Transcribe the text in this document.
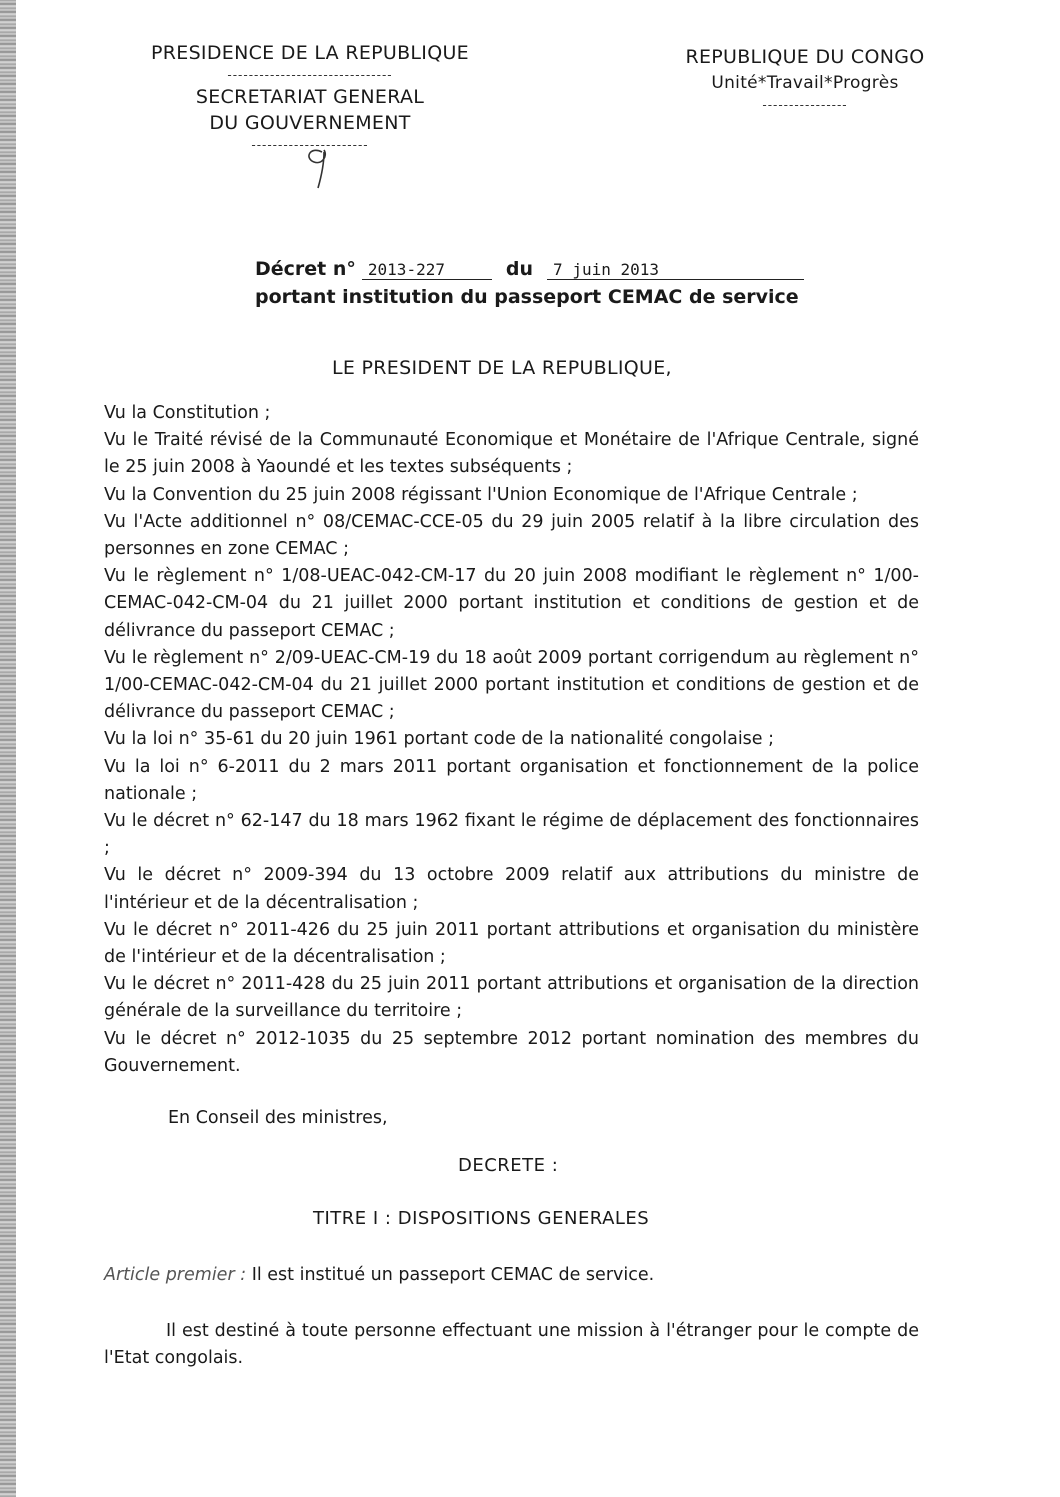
PRESIDENCE DE LA REPUBLIQUE
-------------------------------
SECRETARIAT GENERAL
DU GOUVERNEMENT
----------------------
REPUBLIQUE DU CONGO
Unité*Travail*Progrès
----------------
Décret n° 2013-227	du	7 juin 2013
portant institution du passeport CEMAC de service
LE PRESIDENT DE LA REPUBLIQUE,

Vu la Constitution ;

Vu le Traité révisé de la Communauté Economique et Monétaire de l'Afrique Centrale, signé le 25 juin 2008 à Yaoundé et les textes subséquents ;

Vu la Convention du 25 juin 2008 régissant l'Union Economique de l'Afrique Centrale ;

Vu l'Acte additionnel n° 08/CEMAC-CCE-05 du 29 juin 2005 relatif à la libre circulation des personnes en zone CEMAC ;

Vu le règlement n° 1/08-UEAC-042-CM-17 du 20 juin 2008 modifiant le règlement n° 1/00-CEMAC-042-CM-04 du 21 juillet 2000 portant institution et conditions de gestion et de délivrance du passeport CEMAC ;

Vu le règlement n° 2/09-UEAC-CM-19 du 18 août 2009 portant corrigendum au règlement n° 1/00-CEMAC-042-CM-04 du 21 juillet 2000 portant institution et conditions de gestion et de délivrance du passeport CEMAC ;

Vu la loi n° 35-61 du 20 juin 1961 portant code de la nationalité congolaise ;

Vu la loi n° 6-2011 du 2 mars 2011 portant organisation et fonctionnement de la police nationale ;

Vu le décret n° 62-147 du 18 mars 1962 fixant le régime de déplacement des fonctionnaires ;

Vu le décret n° 2009-394 du 13 octobre 2009 relatif aux attributions du ministre de l'intérieur et de la décentralisation ;

Vu le décret n° 2011-426 du 25 juin 2011 portant attributions et organisation du ministère de l'intérieur et de la décentralisation ;

Vu le décret n° 2011-428 du 25 juin 2011 portant attributions et organisation de la direction générale de la surveillance du territoire ;

Vu le décret n° 2012-1035 du 25 septembre 2012 portant nomination des membres du Gouvernement.

En Conseil des ministres,
DECRETE :
TITRE I : DISPOSITIONS GENERALES
Article premier : Il est institué un passeport CEMAC de service.
Il est destiné à toute personne effectuant une mission à l'étranger pour le compte de l'Etat congolais.
